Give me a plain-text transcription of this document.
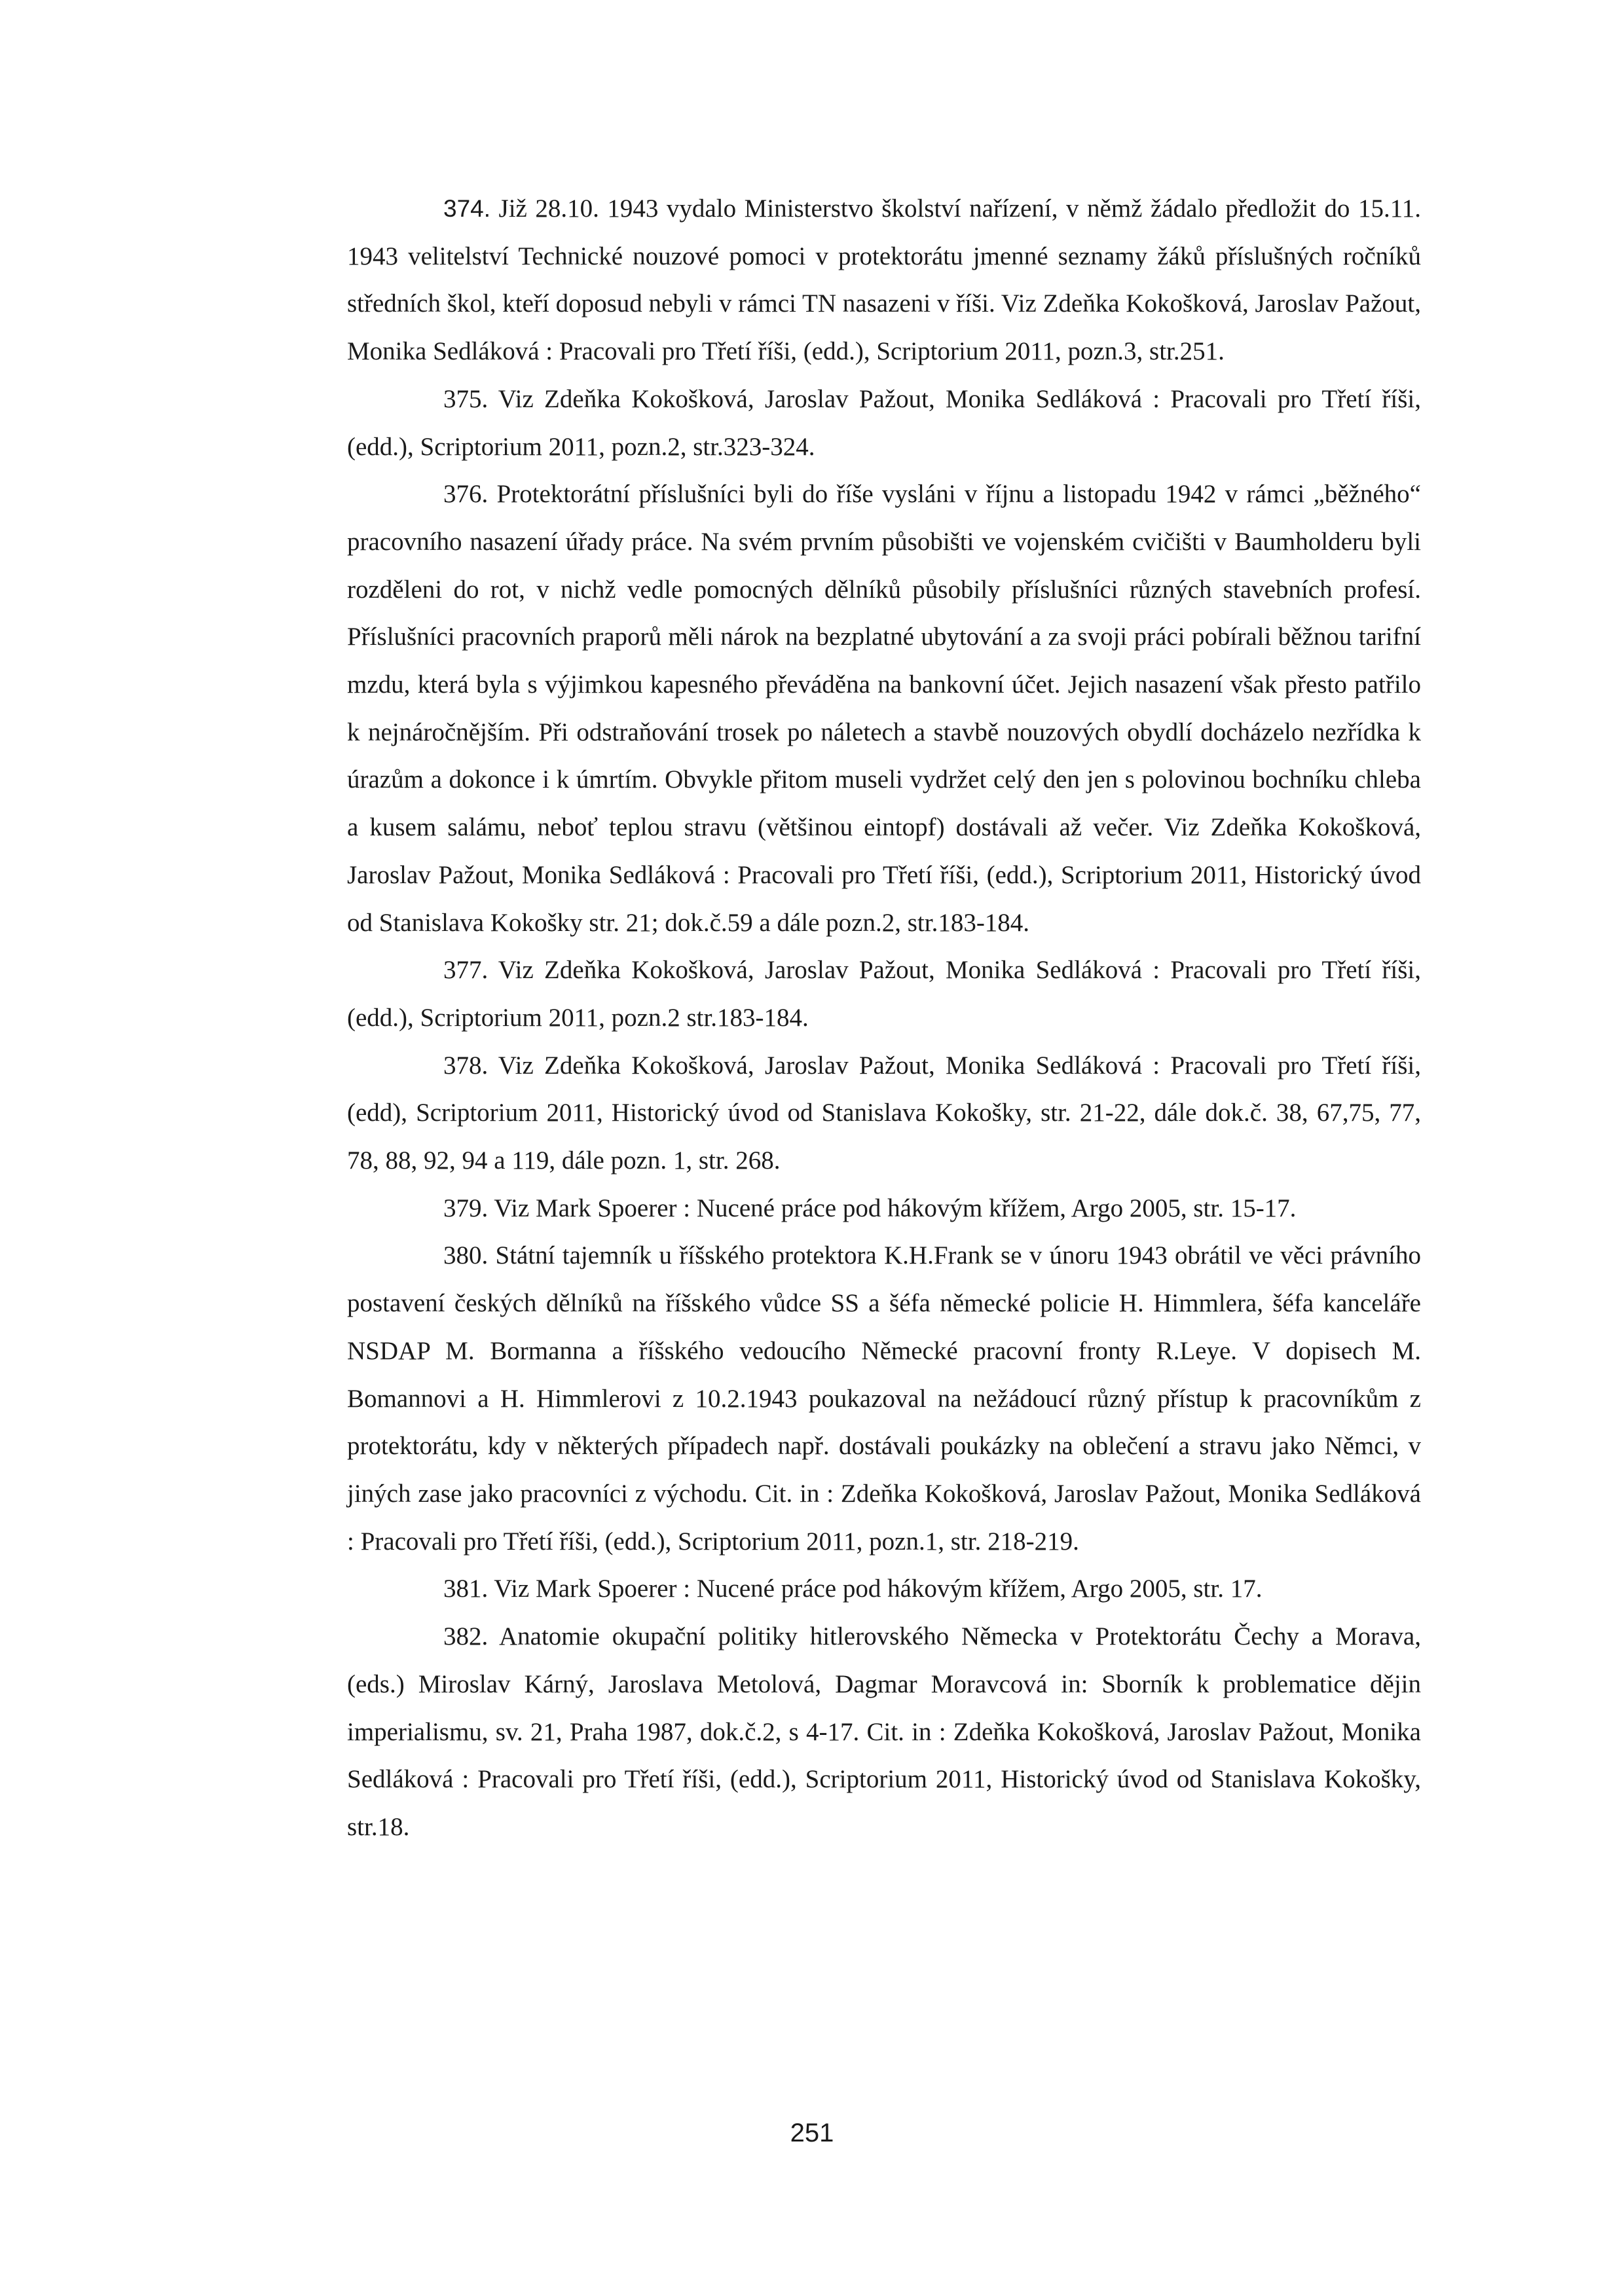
374. Již 28.10. 1943 vydalo Ministerstvo školství nařízení, v němž žádalo předložit do 15.11. 1943 velitelství Technické nouzové pomoci v protektorátu jmenné seznamy žáků příslušných ročníků středních škol, kteří doposud nebyli v rámci TN nasazeni v říši. Viz Zdeňka Kokošková, Jaroslav Pažout, Monika Sedláková : Pracovali pro Třetí říši, (edd.), Scriptorium 2011, pozn.3, str.251.

375. Viz Zdeňka Kokošková, Jaroslav Pažout, Monika Sedláková : Pracovali pro Třetí říši, (edd.), Scriptorium 2011, pozn.2, str.323-324.

376. Protektorátní příslušníci byli do říše vysláni v říjnu a listopadu 1942 v rámci „běžného“ pracovního nasazení úřady práce. Na svém prvním působišti ve vojenském cvičišti v Baumholderu byli rozděleni do rot, v nichž vedle pomocných dělníků působily příslušníci různých stavebních profesí. Příslušníci pracovních praporů měli nárok na bezplatné ubytování a za svoji práci pobírali běžnou tarifní mzdu, která byla s výjimkou kapesného převáděna na bankovní účet. Jejich nasazení však přesto patřilo k nejnáročnějším. Při odstraňování trosek po náletech a stavbě nouzových obydlí docházelo nezřídka k úrazům a dokonce i k úmrtím. Obvykle přitom museli vydržet celý den jen s polovinou bochníku chleba a kusem salámu, neboť teplou stravu (většinou eintopf) dostávali až večer. Viz Zdeňka Kokošková, Jaroslav Pažout, Monika Sedláková : Pracovali pro Třetí říši, (edd.), Scriptorium 2011, Historický úvod od Stanislava Kokošky str. 21; dok.č.59 a dále pozn.2, str.183-184.

377. Viz Zdeňka Kokošková, Jaroslav Pažout, Monika Sedláková : Pracovali pro Třetí říši, (edd.), Scriptorium 2011, pozn.2 str.183-184.

378. Viz Zdeňka Kokošková, Jaroslav Pažout, Monika Sedláková : Pracovali pro Třetí říši, (edd), Scriptorium 2011, Historický úvod od Stanislava Kokošky, str. 21-22, dále dok.č. 38, 67,75, 77, 78, 88, 92, 94 a 119, dále pozn. 1, str. 268.

379. Viz Mark Spoerer : Nucené práce pod hákovým křížem, Argo 2005, str. 15-17.

380. Státní tajemník u říšského protektora K.H.Frank se v únoru 1943 obrátil ve věci právního postavení českých dělníků na říšského vůdce SS a šéfa německé policie H. Himmlera, šéfa kanceláře NSDAP M. Bormanna a říšského vedoucího Německé pracovní fronty R.Leye. V dopisech M. Bomannovi a H. Himmlerovi z 10.2.1943 poukazoval na nežádoucí různý přístup k pracovníkům z protektorátu, kdy v některých případech např. dostávali poukázky na oblečení a stravu jako Němci, v jiných zase jako pracovníci z východu. Cit. in : Zdeňka Kokošková, Jaroslav Pažout, Monika Sedláková : Pracovali pro Třetí říši, (edd.), Scriptorium 2011, pozn.1, str. 218-219.

381. Viz Mark Spoerer : Nucené práce pod hákovým křížem, Argo 2005, str. 17.

382. Anatomie okupační politiky hitlerovského Německa v Protektorátu Čechy a Morava, (eds.) Miroslav Kárný, Jaroslava Metolová, Dagmar Moravcová in: Sborník k problematice dějin imperialismu, sv. 21, Praha 1987, dok.č.2, s 4-17. Cit. in : Zdeňka Kokošková, Jaroslav Pažout, Monika Sedláková : Pracovali pro Třetí říši, (edd.), Scriptorium 2011, Historický úvod od Stanislava Kokošky, str.18.

251
